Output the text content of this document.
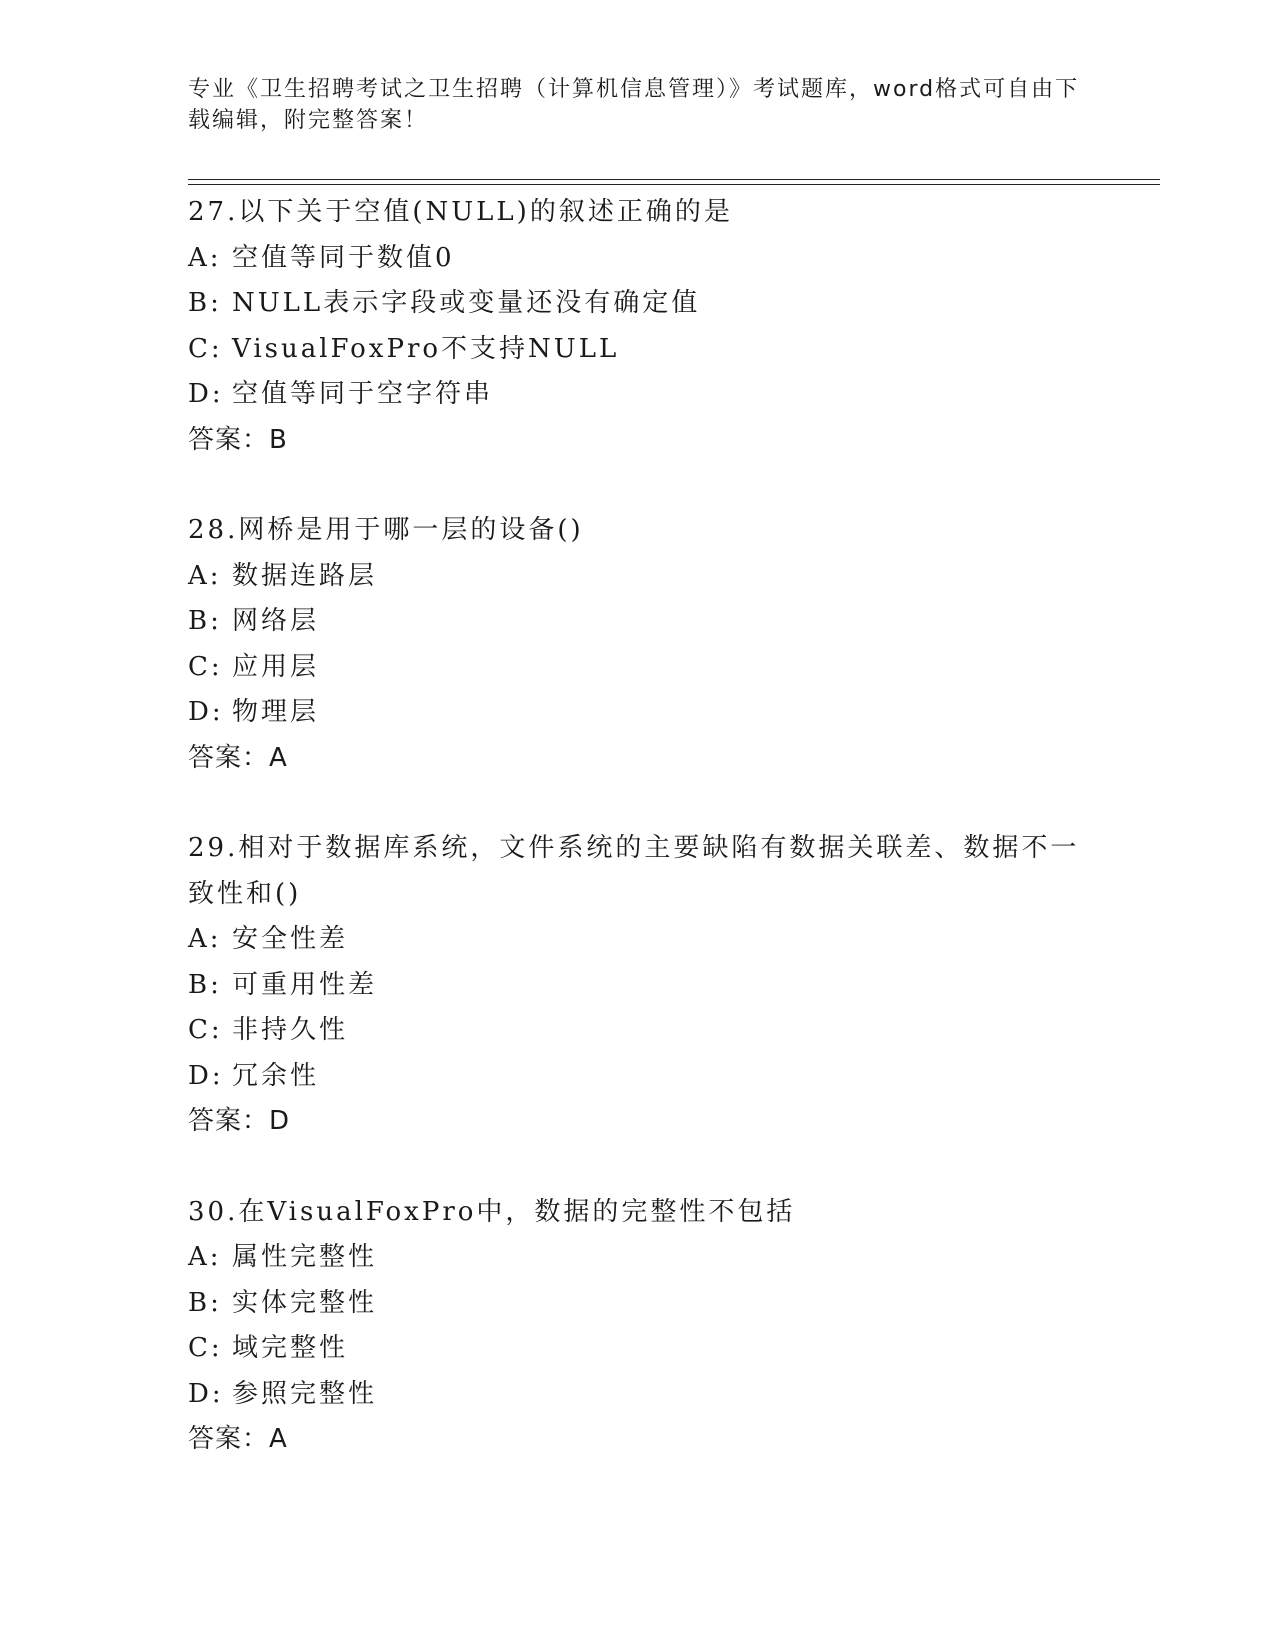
专业《卫生招聘考试之卫生招聘（计算机信息管理）》考试题库，word格式可自由下载编辑，附完整答案！
27.以下关于空值(NULL)的叙述正确的是
A: 空值等同于数值0
B: NULL表示字段或变量还没有确定值
C: VisualFoxPro不支持NULL
D: 空值等同于空字符串
答案：B
28.网桥是用于哪一层的设备()
A: 数据连路层
B: 网络层
C: 应用层
D: 物理层
答案：A
29.相对于数据库系统，文件系统的主要缺陷有数据关联差、数据不一致性和()
A: 安全性差
B: 可重用性差
C: 非持久性
D: 冗余性
答案：D
30.在VisualFoxPro中，数据的完整性不包括
A: 属性完整性
B: 实体完整性
C: 域完整性
D: 参照完整性
答案：A
